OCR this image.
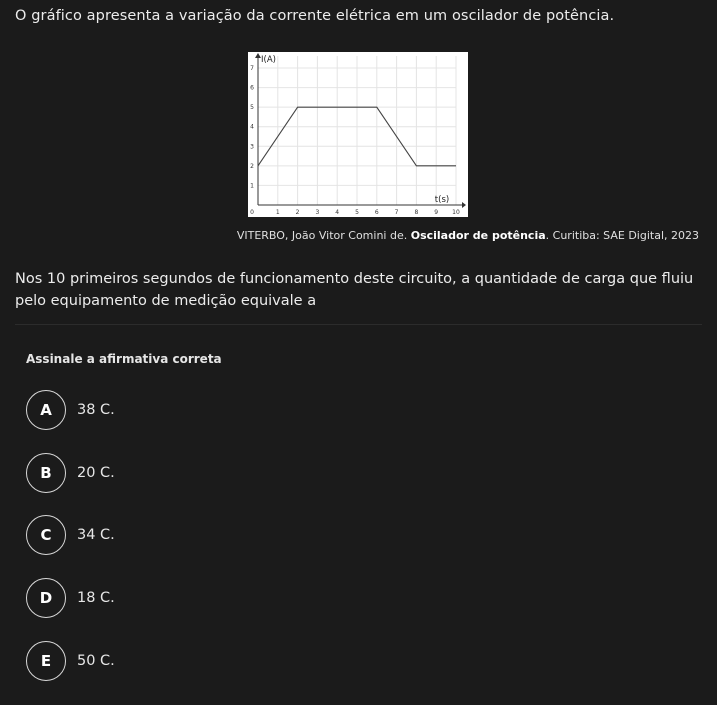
O gráfico apresenta a variação da corrente elétrica em um oscilador de potência.
0	1	2	3	4	5	6	7	8	9 10
1
2
3
4
5
6
7
I(A)
t(s)
VITERBO, João Vitor Comini de. Oscilador de potência. Curitiba: SAE Digital, 2023
Nos 10 primeiros segundos de funcionamento deste circuito, a quantidade de carga que fluiu pelo equipamento de medição equivale a
Assinale a afirmativa correta
A	38 C.
B	20 C.
C	34 C.
D	18 C.
E	50 C.
